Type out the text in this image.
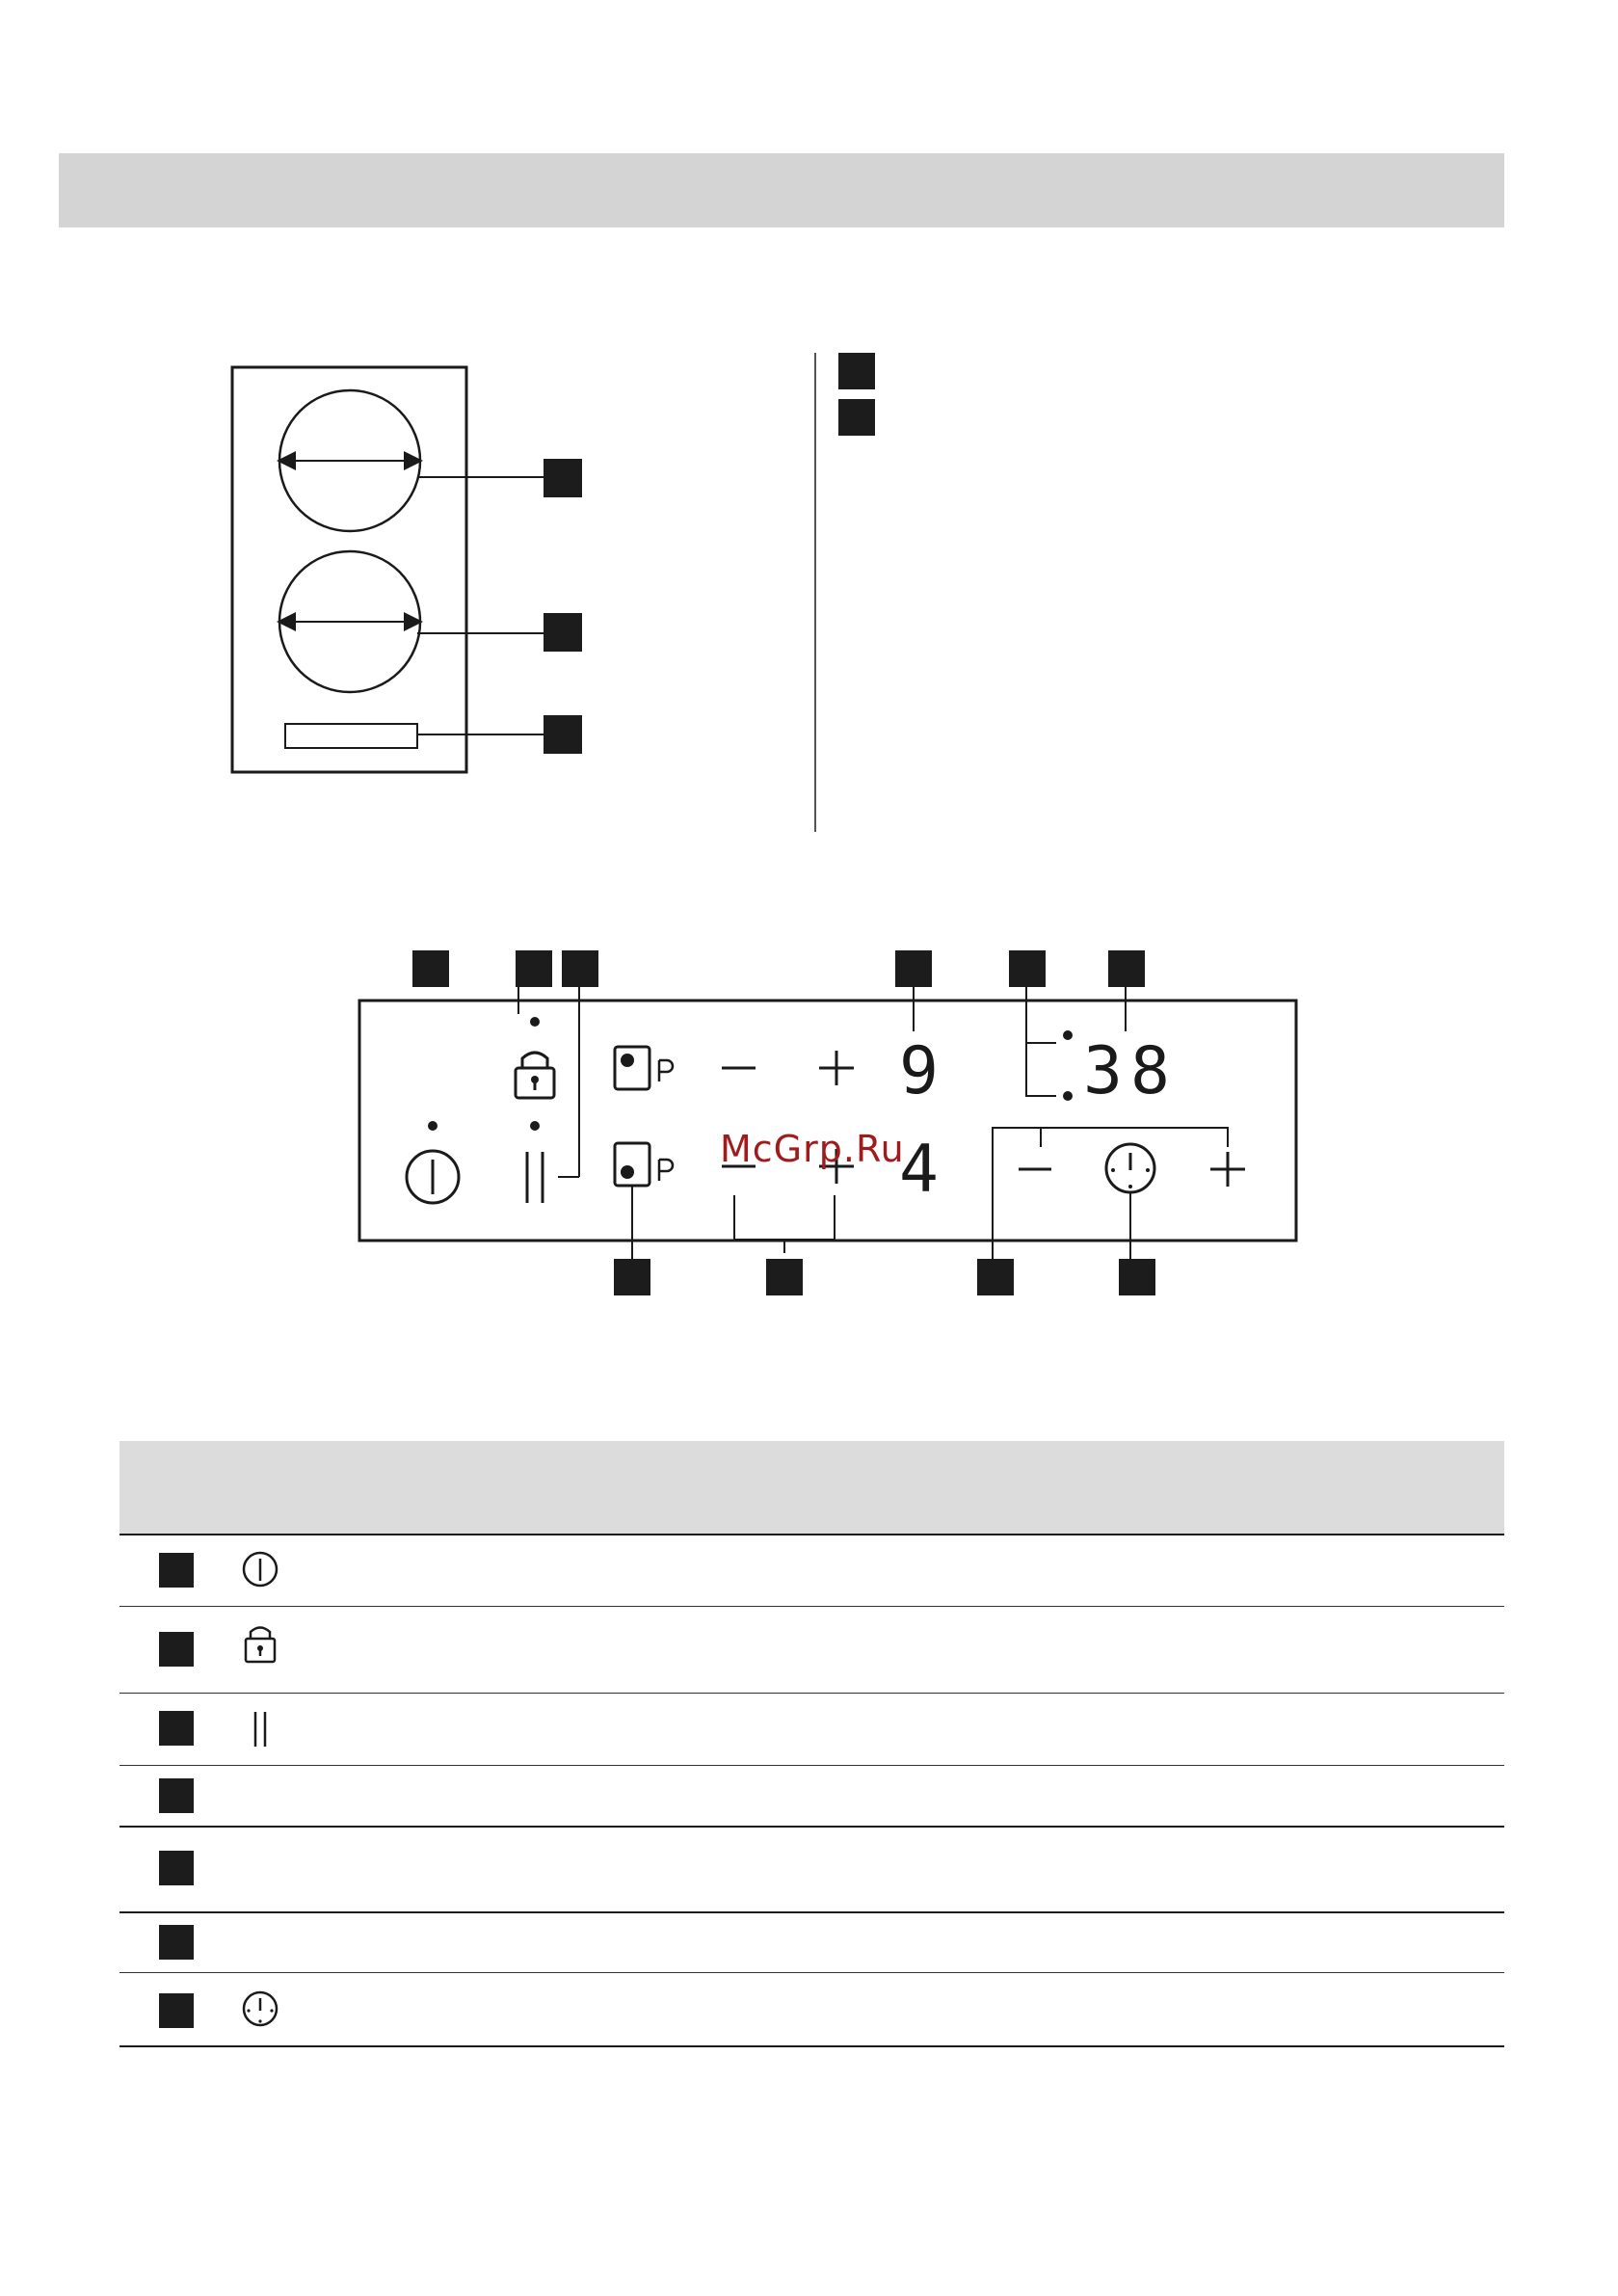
9
4
38
McGrp.Ru
